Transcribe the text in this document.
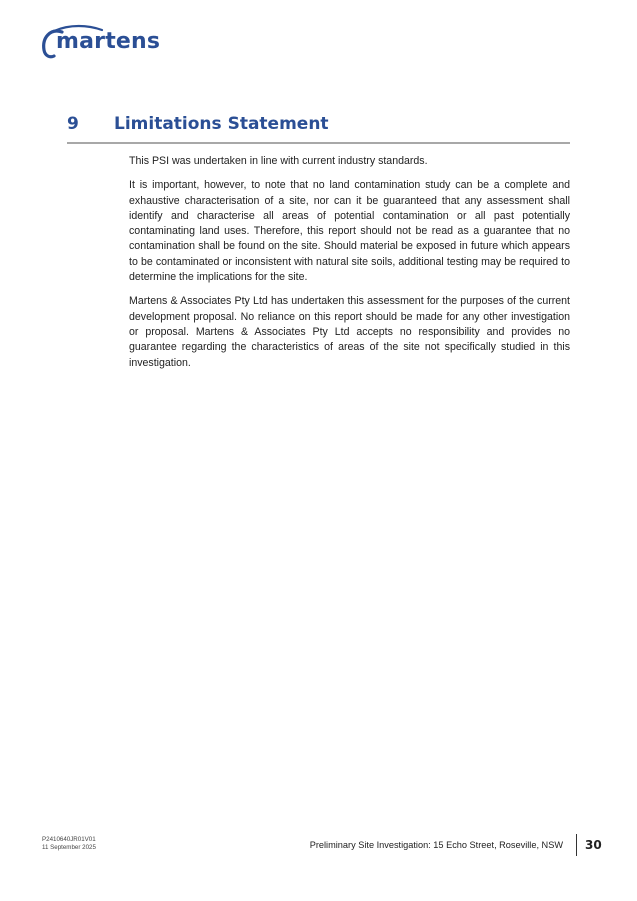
martens
9 Limitations Statement

This PSI was undertaken in line with current industry standards.

It is important, however, to note that no land contamination study can be a complete and exhaustive characterisation of a site, nor can it be guaranteed that any assessment shall identify and characterise all areas of potential contamination or all past potentially contaminating land uses. Therefore, this report should not be read as a guarantee that no contamination shall be found on the site. Should material be exposed in future which appears to be contaminated or inconsistent with natural site soils, additional testing may be required to determine the implications for the site.

Martens & Associates Pty Ltd has undertaken this assessment for the purposes of the current development proposal. No reliance on this report should be made for any other investigation or proposal. Martens & Associates Pty Ltd accepts no responsibility and provides no guarantee regarding the characteristics of areas of the site not specifically studied in this investigation.

P2410640JR01V01
11 September 2025	Preliminary Site Investigation: 15 Echo Street, Roseville, NSW 30
